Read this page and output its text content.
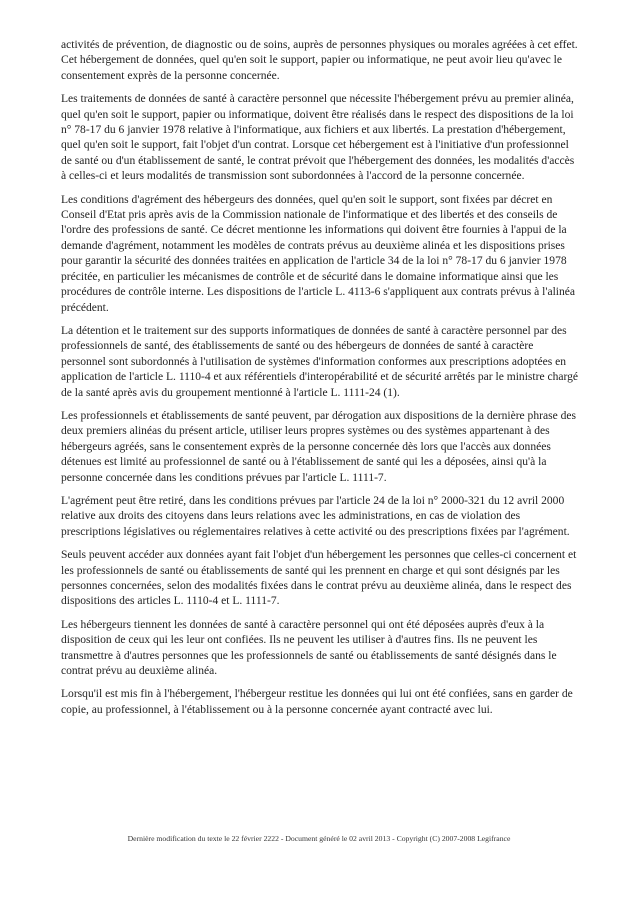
activités de prévention, de diagnostic ou de soins, auprès de personnes physiques ou morales agréées à cet effet. Cet hébergement de données, quel qu'en soit le support, papier ou informatique, ne peut avoir lieu qu'avec le consentement exprès de la personne concernée.

Les traitements de données de santé à caractère personnel que nécessite l'hébergement prévu au premier alinéa, quel qu'en soit le support, papier ou informatique, doivent être réalisés dans le respect des dispositions de la loi n° 78-17 du 6 janvier 1978 relative à l'informatique, aux fichiers et aux libertés. La prestation d'hébergement, quel qu'en soit le support, fait l'objet d'un contrat. Lorsque cet hébergement est à l'initiative d'un professionnel de santé ou d'un établissement de santé, le contrat prévoit que l'hébergement des données, les modalités d'accès à celles-ci et leurs modalités de transmission sont subordonnées à l'accord de la personne concernée.

Les conditions d'agrément des hébergeurs des données, quel qu'en soit le support, sont fixées par décret en Conseil d'Etat pris après avis de la Commission nationale de l'informatique et des libertés et des conseils de l'ordre des professions de santé. Ce décret mentionne les informations qui doivent être fournies à l'appui de la demande d'agrément, notamment les modèles de contrats prévus au deuxième alinéa et les dispositions prises pour garantir la sécurité des données traitées en application de l'article 34 de la loi n° 78-17 du 6 janvier 1978 précitée, en particulier les mécanismes de contrôle et de sécurité dans le domaine informatique ainsi que les procédures de contrôle interne. Les dispositions de l'article L. 4113-6 s'appliquent aux contrats prévus à l'alinéa précédent.

La détention et le traitement sur des supports informatiques de données de santé à caractère personnel par des professionnels de santé, des établissements de santé ou des hébergeurs de données de santé à caractère personnel sont subordonnés à l'utilisation de systèmes d'information conformes aux prescriptions adoptées en application de l'article L. 1110-4 et aux référentiels d'interopérabilité et de sécurité arrêtés par le ministre chargé de la santé après avis du groupement mentionné à l'article L. 1111-24 (1).

Les professionnels et établissements de santé peuvent, par dérogation aux dispositions de la dernière phrase des deux premiers alinéas du présent article, utiliser leurs propres systèmes ou des systèmes appartenant à des hébergeurs agréés, sans le consentement exprès de la personne concernée dès lors que l'accès aux données détenues est limité au professionnel de santé ou à l'établissement de santé qui les a déposées, ainsi qu'à la personne concernée dans les conditions prévues par l'article L. 1111-7.

L'agrément peut être retiré, dans les conditions prévues par l'article 24 de la loi n° 2000-321 du 12 avril 2000 relative aux droits des citoyens dans leurs relations avec les administrations, en cas de violation des prescriptions législatives ou réglementaires relatives à cette activité ou des prescriptions fixées par l'agrément.

Seuls peuvent accéder aux données ayant fait l'objet d'un hébergement les personnes que celles-ci concernent et les professionnels de santé ou établissements de santé qui les prennent en charge et qui sont désignés par les personnes concernées, selon des modalités fixées dans le contrat prévu au deuxième alinéa, dans le respect des dispositions des articles L. 1110-4 et L. 1111-7.

Les hébergeurs tiennent les données de santé à caractère personnel qui ont été déposées auprès d'eux à la disposition de ceux qui les leur ont confiées. Ils ne peuvent les utiliser à d'autres fins. Ils ne peuvent les transmettre à d'autres personnes que les professionnels de santé ou établissements de santé désignés dans le contrat prévu au deuxième alinéa.

Lorsqu'il est mis fin à l'hébergement, l'hébergeur restitue les données qui lui ont été confiées, sans en garder de copie, au professionnel, à l'établissement ou à la personne concernée ayant contracté avec lui.

Dernière modification du texte le 22 février 2222 - Document généré le 02 avril 2013 - Copyright (C) 2007-2008 Legifrance
